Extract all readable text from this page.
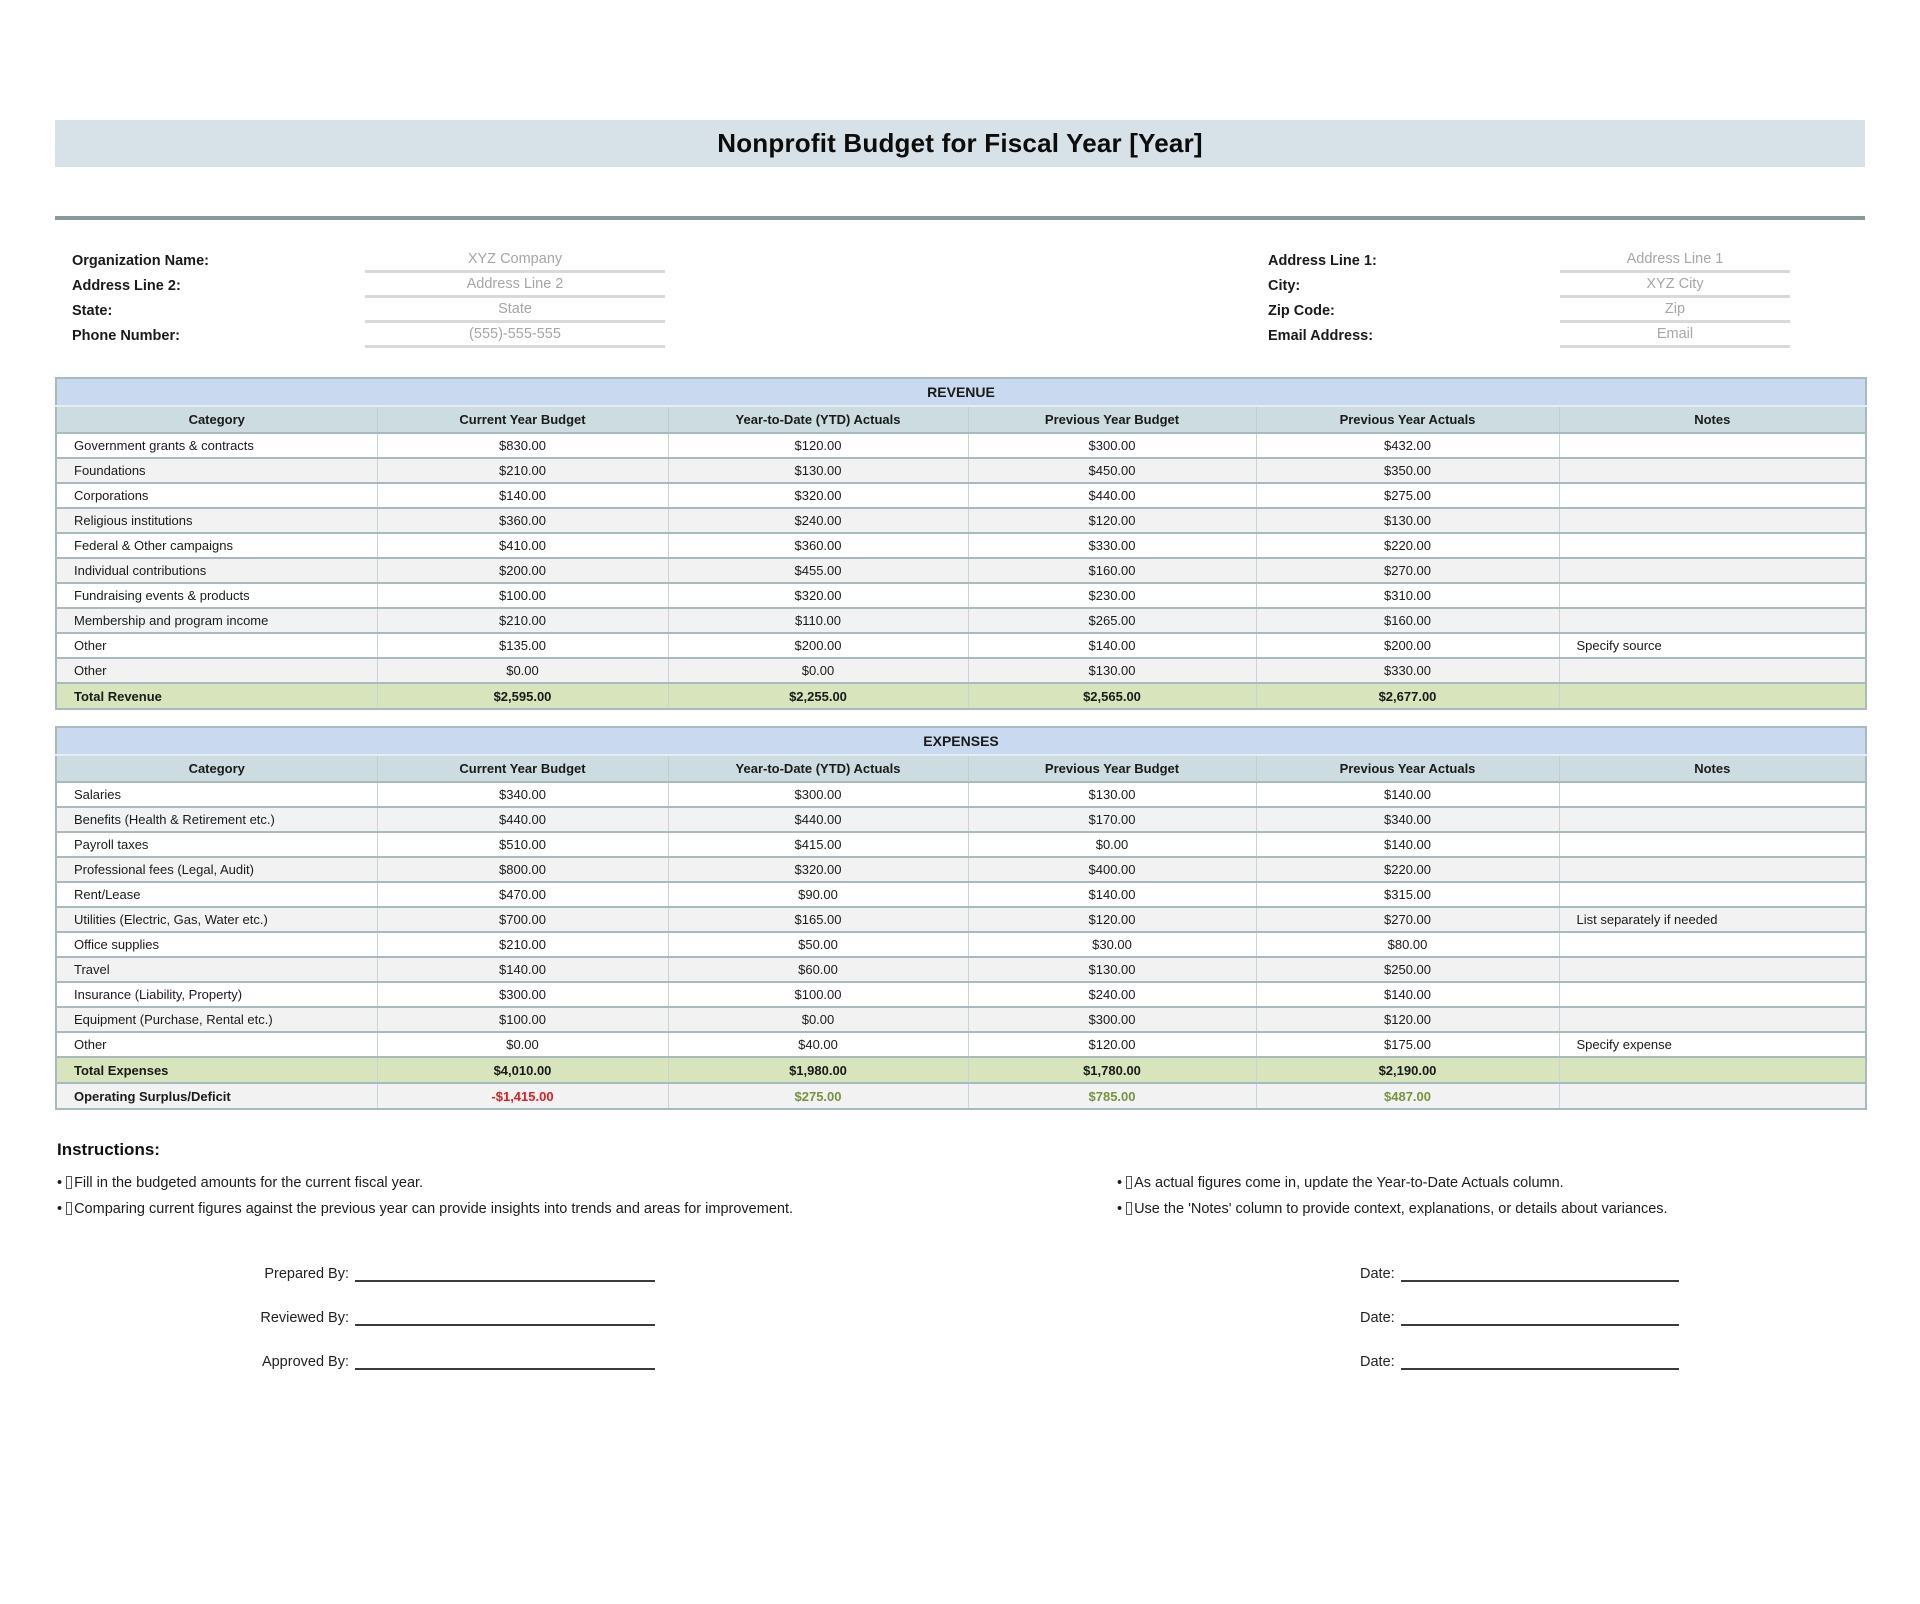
Nonprofit Budget for Fiscal Year [Year]
Organization Name:	XYZ Company
Address Line 2:	Address Line 2
State:	State
Phone Number:	(555)-555-555
Address Line 1:	Address Line 1
City:	XYZ City
Zip Code:	Zip
Email Address:	Email
REVENUE					
Category	Current Year Budget	Year-to-Date (YTD) Actuals	Previous Year Budget	Previous Year Actuals	Notes
Government grants & contracts	$830.00	$120.00	$300.00	$432.00	
Foundations	$210.00	$130.00	$450.00	$350.00	
Corporations	$140.00	$320.00	$440.00	$275.00	
Religious institutions	$360.00	$240.00	$120.00	$130.00	
Federal & Other campaigns	$410.00	$360.00	$330.00	$220.00	
Individual contributions	$200.00	$455.00	$160.00	$270.00	
Fundraising events & products	$100.00	$320.00	$230.00	$310.00	
Membership and program income	$210.00	$110.00	$265.00	$160.00	
Other	$135.00	$200.00	$140.00	$200.00	Specify source
Other	$0.00	$0.00	$130.00	$330.00	
Total Revenue	$2,595.00	$2,255.00	$2,565.00	$2,677.00	
EXPENSES					
Category	Current Year Budget	Year-to-Date (YTD) Actuals	Previous Year Budget	Previous Year Actuals	Notes
Salaries	$340.00	$300.00	$130.00	$140.00	
Benefits (Health & Retirement etc.)	$440.00	$440.00	$170.00	$340.00	
Payroll taxes	$510.00	$415.00	$0.00	$140.00	
Professional fees (Legal, Audit)	$800.00	$320.00	$400.00	$220.00	
Rent/Lease	$470.00	$90.00	$140.00	$315.00	
Utilities (Electric, Gas, Water etc.)	$700.00	$165.00	$120.00	$270.00	List separately if needed
Office supplies	$210.00	$50.00	$30.00	$80.00	
Travel	$140.00	$60.00	$130.00	$250.00	
Insurance (Liability, Property)	$300.00	$100.00	$240.00	$140.00	
Equipment (Purchase, Rental etc.)	$100.00	$0.00	$300.00	$120.00	
Other	$0.00	$40.00	$120.00	$175.00	Specify expense
Total Expenses	$4,010.00	$1,980.00	$1,780.00	$2,190.00	
Operating Surplus/Deficit	-$1,415.00	$275.00	$785.00	$487.00	
Instructions:
• Fill in the budgeted amounts for the current fiscal year.
• Comparing current figures against the previous year can provide insights into trends and areas for improvement.
• As actual figures come in, update the Year-to-Date Actuals column.
• Use the 'Notes' column to provide context, explanations, or details about variances.
Prepared By:	Date:
Reviewed By:	Date:
Approved By:	Date:
